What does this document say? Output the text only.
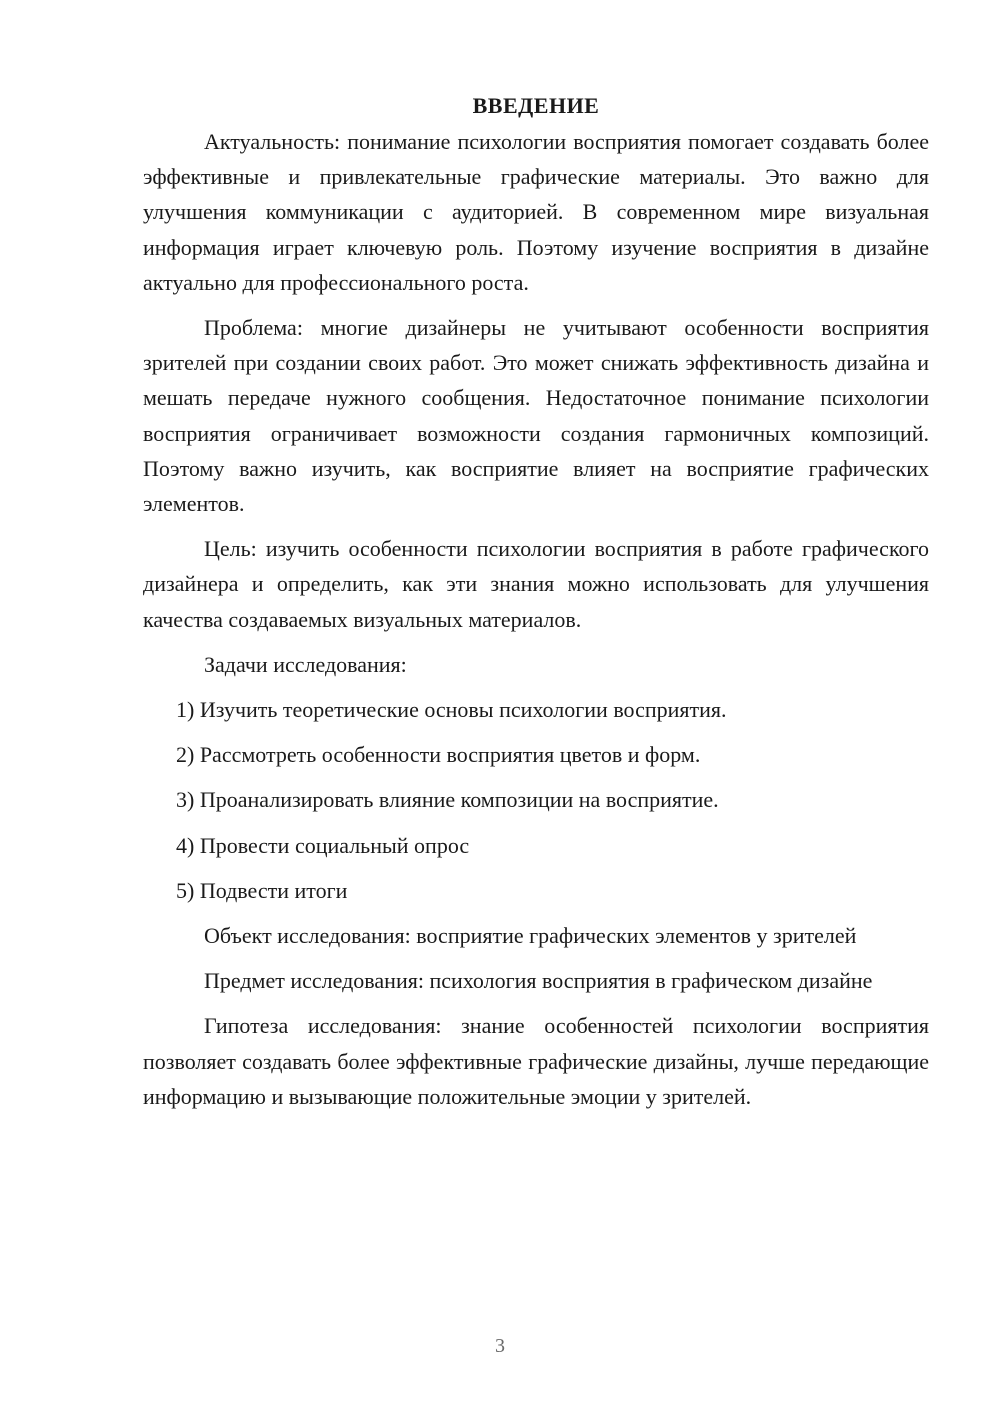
ВВЕДЕНИЕ

Актуальность: понимание психологии восприятия помогает создавать более эффективные и привлекательные графические материалы. Это важно для улучшения коммуникации с аудиторией. В современном мире визуальная информация играет ключевую роль. Поэтому изучение восприятия в дизайне актуально для профессионального роста.

Проблема: многие дизайнеры не учитывают особенности восприятия зрителей при создании своих работ. Это может снижать эффективность дизайна и мешать передаче нужного сообщения. Недостаточное понимание психологии восприятия ограничивает возможности создания гармоничных композиций. Поэтому важно изучить, как восприятие влияет на восприятие графических элементов.

Цель: изучить особенности психологии восприятия в работе графического дизайнера и определить, как эти знания можно использовать для улучшения качества создаваемых визуальных материалов.

Задачи исследования:

1) Изучить теоретические основы психологии восприятия.
2) Рассмотреть особенности восприятия цветов и форм.
3) Проанализировать влияние композиции на восприятие.
4) Провести социальный опрос
5) Подвести итоги

Объект исследования: восприятие графических элементов у зрителей

Предмет исследования: психология восприятия в графическом дизайне

Гипотеза исследования: знание особенностей психологии восприятия позволяет создавать более эффективные графические дизайны, лучше передающие информацию и вызывающие положительные эмоции у зрителей.

3
